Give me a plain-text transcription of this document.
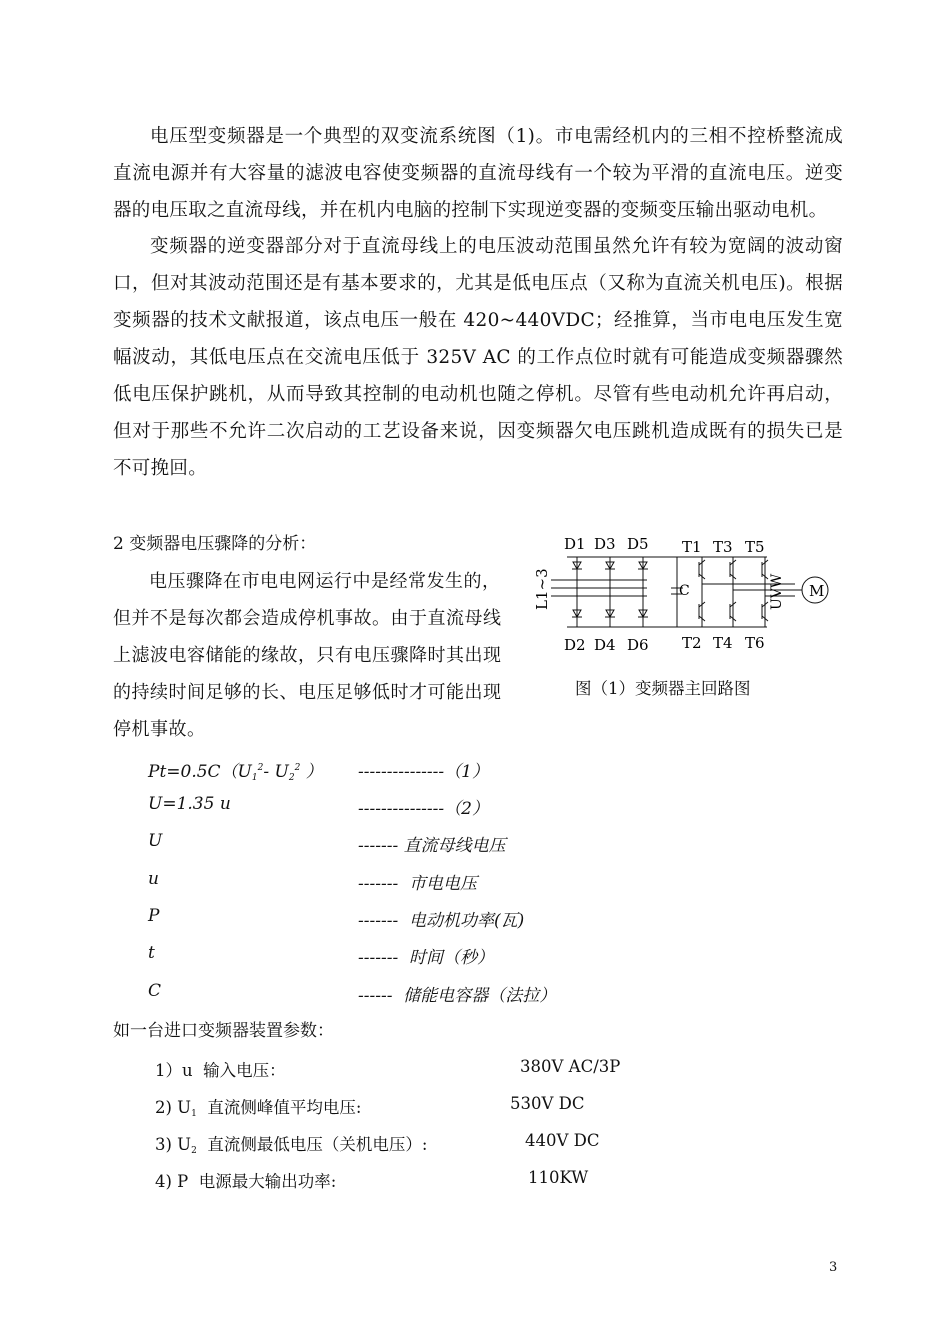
电压型变频器是一个典型的双变流系统图（1)。市电需经机内的三相不控桥整流成直流电源并有大容量的滤波电容使变频器的直流母线有一个较为平滑的直流电压。逆变器的电压取之直流母线，并在机内电脑的控制下实现逆变器的变频变压输出驱动电机。

变频器的逆变器部分对于直流母线上的电压波动范围虽然允许有较为宽阔的波动窗口，但对其波动范围还是有基本要求的，尤其是低电压点（又称为直流关机电压)。根据变频器的技术文献报道，该点电压一般在 420~440VDC；经推算，当市电电压发生宽幅波动，其低电压点在交流电压低于 325V AC 的工作点位时就有可能造成变频器骤然低电压保护跳机，从而导致其控制的电动机也随之停机。尽管有些电动机允许再启动，但对于那些不允许二次启动的工艺设备来说，因变频器欠电压跳机造成既有的损失已是不可挽回。

2 变频器电压骤降的分析：

电压骤降在市电电网运行中是经常发生的，但并不是每次都会造成停机事故。由于直流母线上滤波电容储能的缘故，只有电压骤降时其出现的持续时间足够的长、电压足够低时才可能出现停机事故。

D1 D3 D5
D2 D4 D6
T1 T3 T5
T2 T4 T6
L1~3	C	UVW M
图（1）变频器主回路图
$Pt=0.5C(U_1^2-$ $U_2^2$ ） ---------------（1）
U=1.35 u	---------------（2）
U	------- 直流母线电压
u	-------  市电电压
P	-------  电动机功率(瓦)
t	-------  时间（秒）
C	------  储能电容器（法拉）
如一台进口变频器装置参数：
1）u  输入电压：	380V AC/3P
2) $U_1$  直流侧峰值平均电压:	530V DC
3) $U_2$  直流侧最低电压（关机电压）:	440V DC
4) P  电源最大输出功率:	110KW
3
